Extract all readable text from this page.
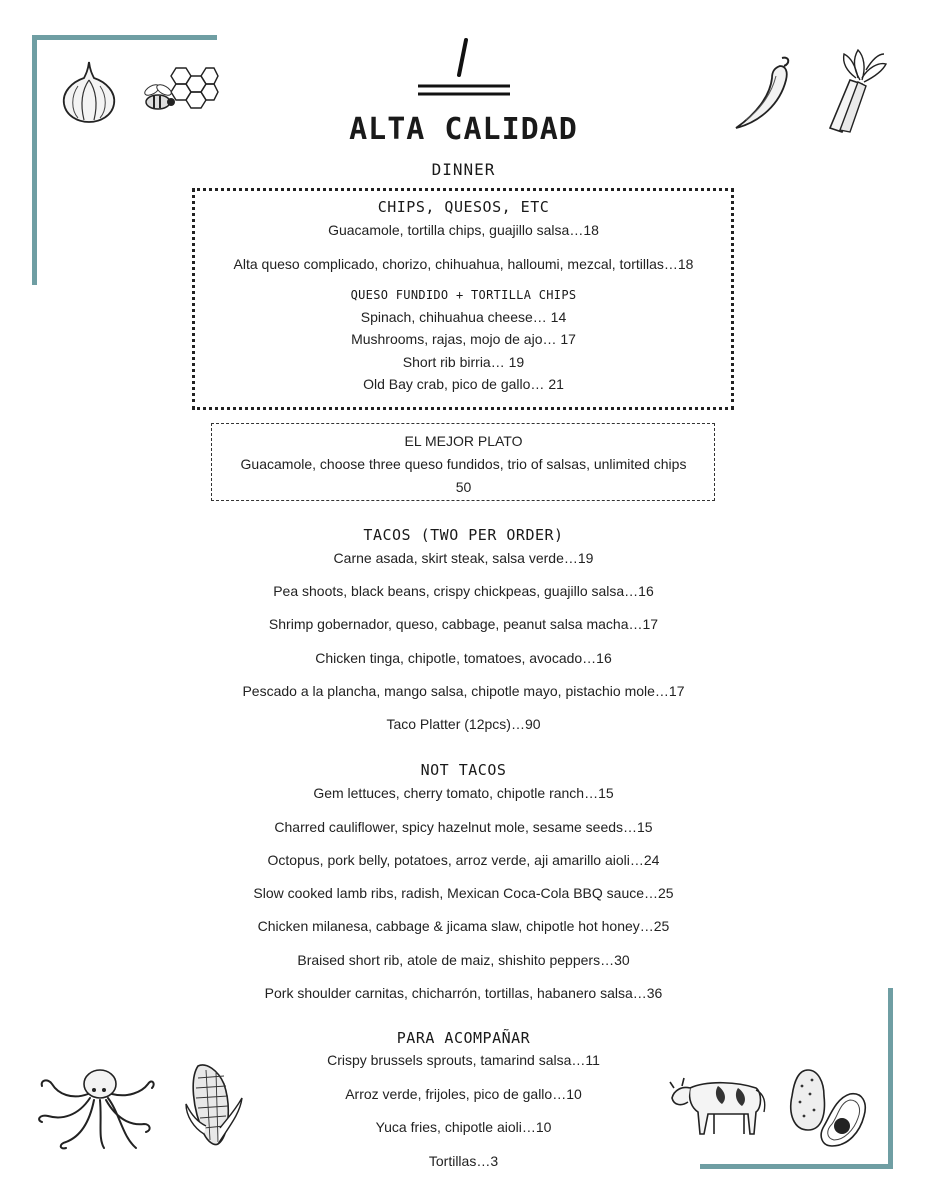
ALTA CALIDAD
DINNER
CHIPS, QUESOS, ETC
Guacamole, tortilla chips, guajillo salsa…18
Alta queso complicado, chorizo, chihuahua, halloumi, mezcal, tortillas…18
QUESO FUNDIDO + TORTILLA CHIPS
Spinach, chihuahua cheese… 14
Mushrooms, rajas, mojo de ajo… 17
Short rib birria… 19
Old Bay crab, pico de gallo… 21
EL MEJOR PLATO
Guacamole, choose three queso fundidos, trio of salsas, unlimited chips
50
TACOS (TWO PER ORDER)
Carne asada, skirt steak, salsa verde…19
Pea shoots, black beans, crispy chickpeas, guajillo salsa…16
Shrimp gobernador, queso, cabbage, peanut salsa macha…17
Chicken tinga, chipotle, tomatoes, avocado…16
Pescado a la plancha, mango salsa, chipotle mayo, pistachio mole…17
Taco Platter (12pcs)…90
NOT TACOS
Gem lettuces, cherry tomato, chipotle ranch…15
Charred cauliflower, spicy hazelnut mole, sesame seeds…15
Octopus, pork belly, potatoes, arroz verde, aji amarillo aioli…24
Slow cooked lamb ribs, radish, Mexican Coca-Cola BBQ sauce…25
Chicken milanesa, cabbage & jicama slaw, chipotle hot honey…25
Braised short rib, atole de maiz, shishito peppers…30
Pork shoulder carnitas, chicharrón, tortillas, habanero salsa…36
PARA ACOMPAÑAR
Crispy brussels sprouts, tamarind salsa…11
Arroz verde, frijoles, pico de gallo…10
Yuca fries, chipotle aioli…10
Tortillas…3
